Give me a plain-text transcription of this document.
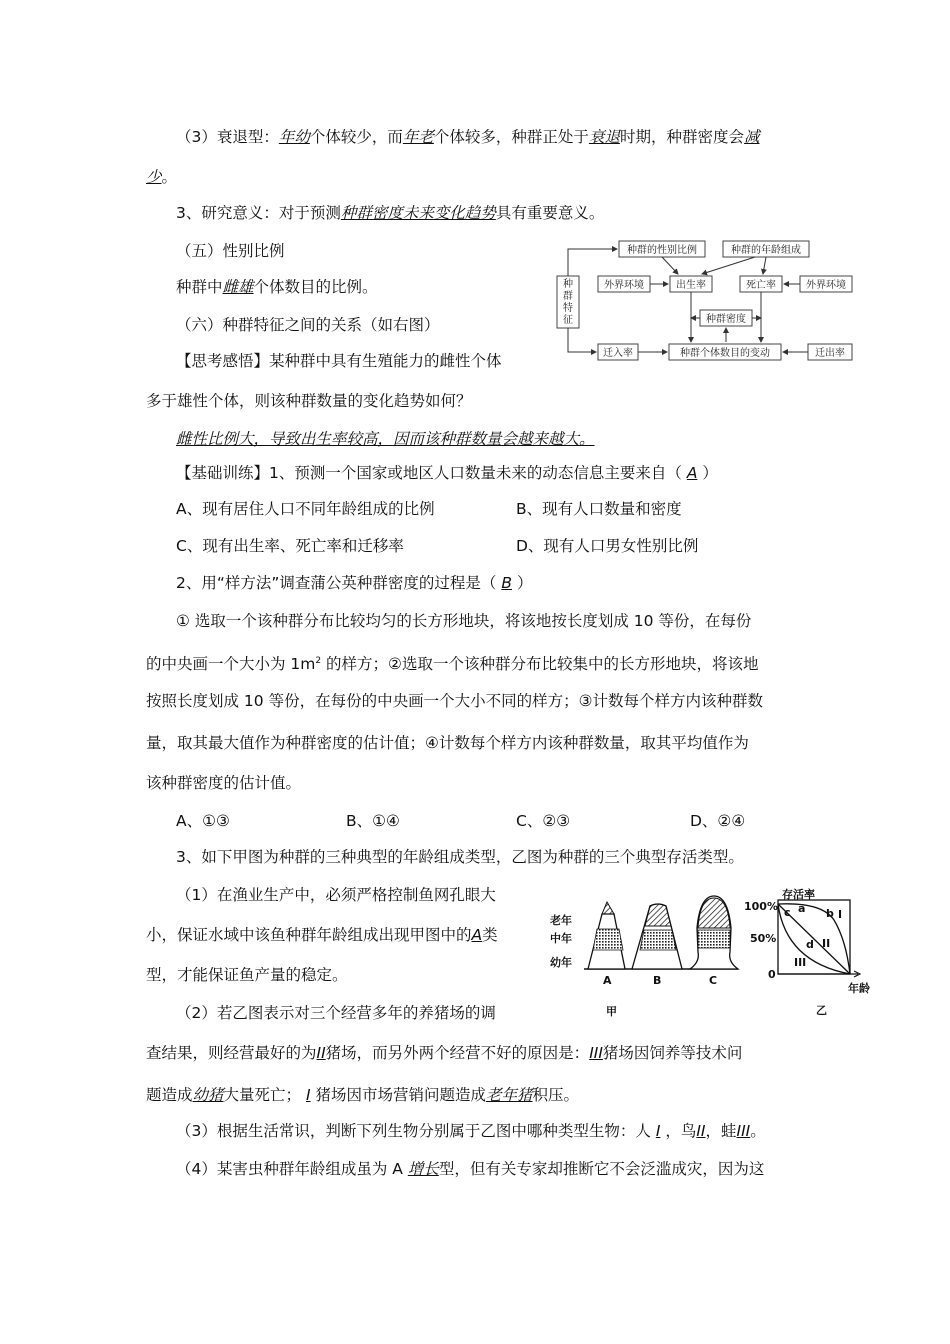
（3）衰退型：年幼个体较少，而年老个体较多，种群正处于衰退时期，种群密度会减
少。
3、研究意义：对于预测种群密度未来变化趋势具有重要意义。
（五）性别比例
种群中雌雄个体数目的比例。
（六）种群特征之间的关系（如右图）
【思考感悟】某种群中具有生殖能力的雌性个体
多于雄性个体，则该种群数量的变化趋势如何？
雌性比例大，导致出生率较高，因而该种群数量会越来越大。
【基础训练】1、预测一个国家或地区人口数量未来的动态信息主要来自（ A ）
A、现有居住人口不同年龄组成的比例	B、现有人口数量和密度
C、现有出生率、死亡率和迁移率	D、现有人口男女性别比例
2、用“样方法”调查蒲公英种群密度的过程是（ B ）
① 选取一个该种群分布比较均匀的长方形地块，将该地按长度划成 10 等份，在每份
的中央画一个大小为 $1m^2$ 的样方；②选取一个该种群分布比较集中的长方形地块，将该地
按照长度划成 10 等份，在每份的中央画一个大小不同的样方；③计数每个样方内该种群数
量，取其最大值作为种群密度的估计值；④计数每个样方内该种群数量，取其平均值作为
该种群密度的估计值。
A、①③	B、①④	C、②③	D、②④
3、如下甲图为种群的三种典型的年龄组成类型，乙图为种群的三个典型存活类型。
（1）在渔业生产中，必须严格控制鱼网孔眼大
小，保证水域中该鱼种群年龄组成出现甲图中的A类
型，才能保证鱼产量的稳定。
（2）若乙图表示对三个经营多年的养猪场的调
查结果，则经营最好的为II猪场，而另外两个经营不好的原因是：III猪场因饲养等技术问
题造成幼猪大量死亡； I 猪场因市场营销问题造成老年猪积压。
（3）根据生活常识，判断下列生物分别属于乙图中哪种类型生物：人 I ，鸟II，蛙III。
（4）某害虫种群年龄组成虽为 A 增长型，但有关专家却推断它不会泛滥成灾，因为这
种
群
特
征
种群的性别比例	种群的年龄组成
外界环境	出生率	死亡率	外界环境
种群密度
迁入率	种群个体数目的变动	迁出率
老年
中年
幼年
A	B	C
甲
存活率
100%
50%
0
c a b I
d II
III
年龄
乙
